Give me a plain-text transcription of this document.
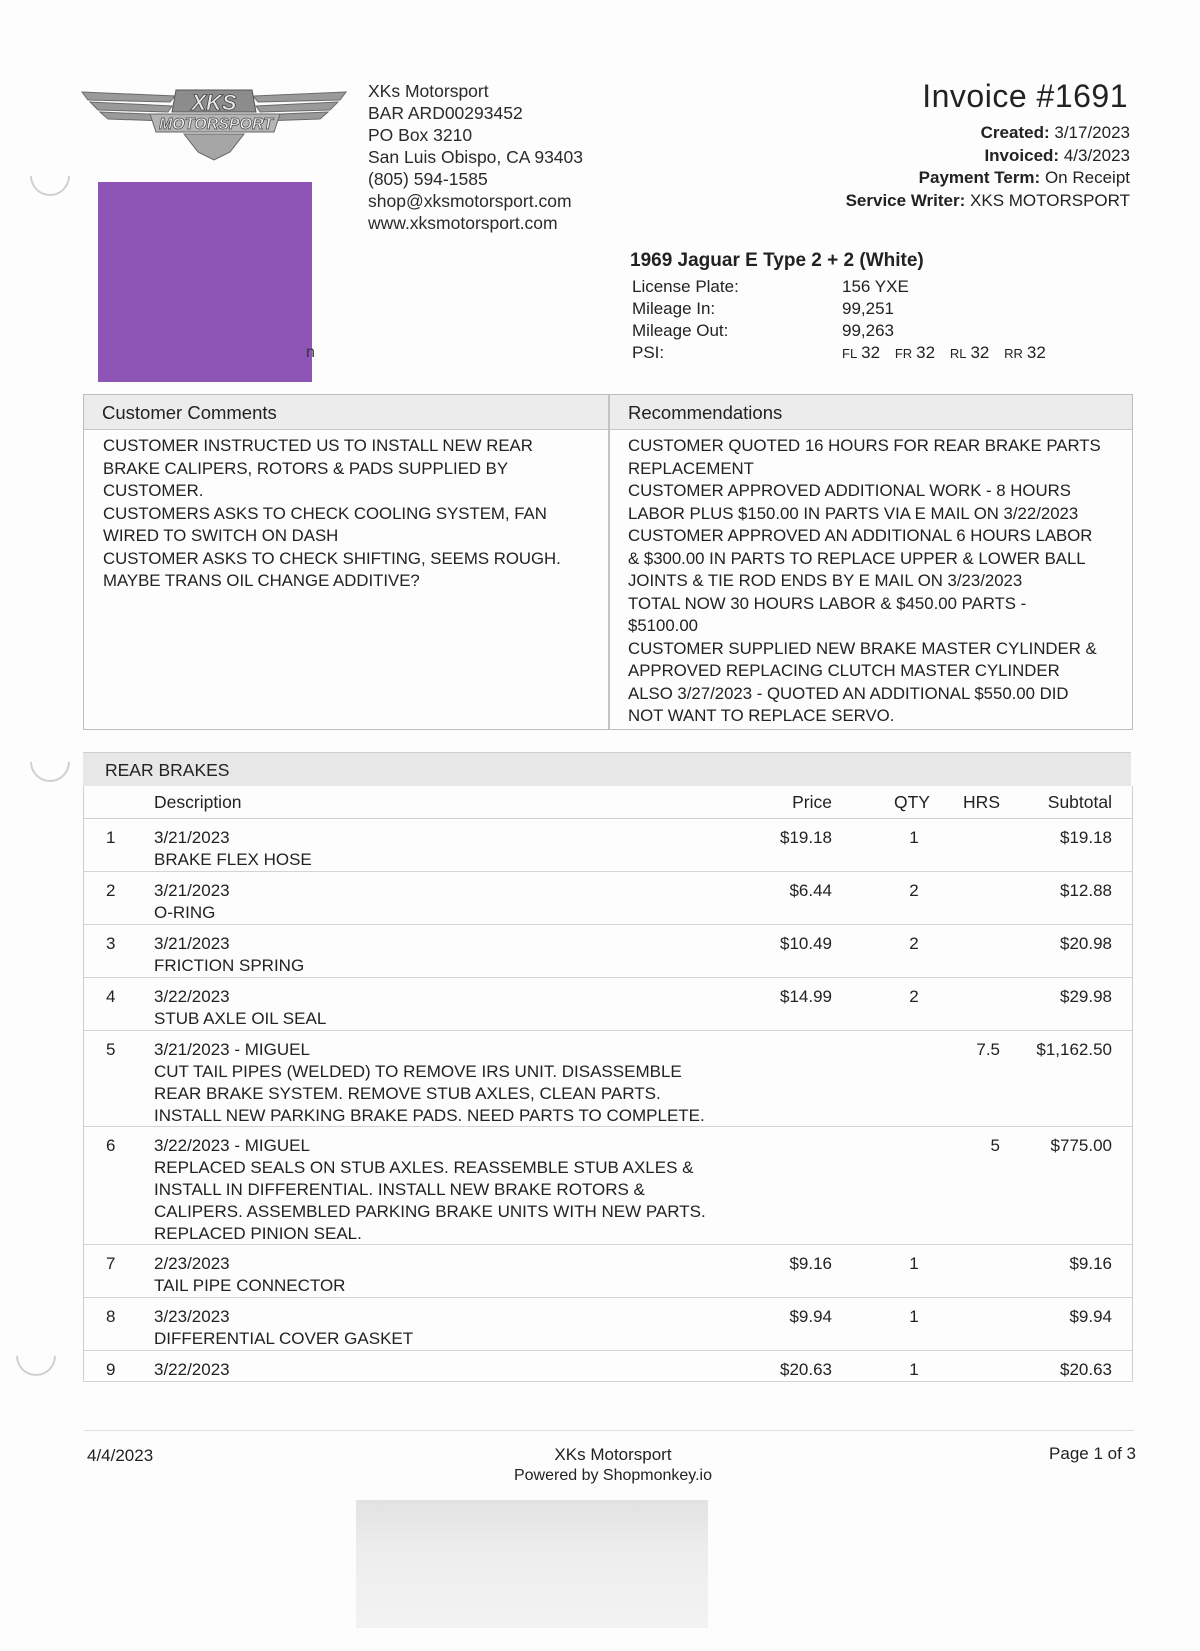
XKS
MOTORSPORT
n
XKs Motorsport
BAR ARD00293452
PO Box 3210
San Luis Obispo, CA 93403
(805) 594-1585
shop@xksmotorsport.com
www.xksmotorsport.com
Invoice #1691
Created: 3/17/2023
Invoiced: 4/3/2023
Payment Term: On Receipt
Service Writer: XKS MOTORSPORT
1969 Jaguar E Type 2 + 2 (White)
License Plate:	156 YXE
Mileage In:	99,251
Mileage Out:	99,263
PSI:	FL 32 FR 32 RL 32 RR 32
Customer Comments	Recommendations
CUSTOMER INSTRUCTED US TO INSTALL NEW REAR
BRAKE CALIPERS, ROTORS & PADS SUPPLIED BY
CUSTOMER.
CUSTOMERS ASKS TO CHECK COOLING SYSTEM, FAN
WIRED TO SWITCH ON DASH
CUSTOMER ASKS TO CHECK SHIFTING, SEEMS ROUGH.
MAYBE TRANS OIL CHANGE ADDITIVE?
CUSTOMER QUOTED 16 HOURS FOR REAR BRAKE PARTS
REPLACEMENT
CUSTOMER APPROVED ADDITIONAL WORK - 8 HOURS
LABOR PLUS $150.00 IN PARTS VIA E MAIL ON 3/22/2023
CUSTOMER APPROVED AN ADDITIONAL 6 HOURS LABOR
& $300.00 IN PARTS TO REPLACE UPPER & LOWER BALL
JOINTS & TIE ROD ENDS BY E MAIL ON 3/23/2023
TOTAL NOW 30 HOURS LABOR & $450.00 PARTS -
$5100.00
CUSTOMER SUPPLIED NEW BRAKE MASTER CYLINDER &
APPROVED REPLACING CLUTCH MASTER CYLINDER
ALSO 3/27/2023 - QUOTED AN ADDITIONAL $550.00 DID
NOT WANT TO REPLACE SERVO.
REAR BRAKES
Description	Price	QTY HRS	Subtotal
1 3/21/2023
BRAKE FLEX HOSE
$19.18	1	$19.18
2 3/21/2023
O-RING
$6.44	2	$12.88
3 3/21/2023
FRICTION SPRING
$10.49	2	$20.98
4 3/22/2023
STUB AXLE OIL SEAL
$14.99	2	$29.98
5 3/21/2023 - MIGUEL
CUT TAIL PIPES (WELDED) TO REMOVE IRS UNIT. DISASSEMBLE
REAR BRAKE SYSTEM. REMOVE STUB AXLES, CLEAN PARTS.
INSTALL NEW PARKING BRAKE PADS. NEED PARTS TO COMPLETE.
7.5 $1,162.50
6 3/22/2023 - MIGUEL
REPLACED SEALS ON STUB AXLES. REASSEMBLE STUB AXLES &
INSTALL IN DIFFERENTIAL. INSTALL NEW BRAKE ROTORS &
CALIPERS. ASSEMBLED PARKING BRAKE UNITS WITH NEW PARTS.
REPLACED PINION SEAL.
5	$775.00
7 2/23/2023
TAIL PIPE CONNECTOR
$9.16	1	$9.16
8 3/23/2023
DIFFERENTIAL COVER GASKET
$9.94	1	$9.94
9 3/22/2023	$20.63	1	$20.63
4/4/2023	XKs Motorsport
Powered by Shopmonkey.io
Page 1 of 3
